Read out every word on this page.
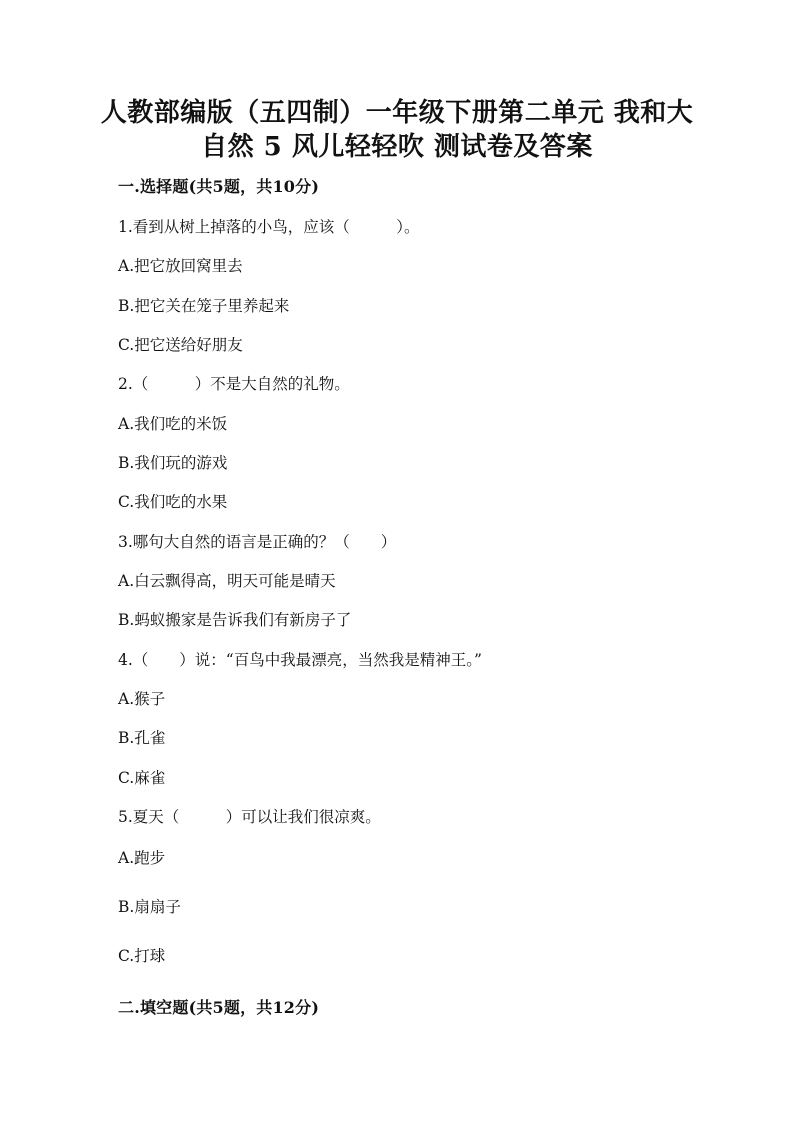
人教部编版（五四制）一年级下册第二单元 我和大
自然 5 风儿轻轻吹 测试卷及答案
一.选择题(共5题，共10分)
1.看到从树上掉落的小鸟，应该（　　　）。
A.把它放回窝里去
B.把它关在笼子里养起来
C.把它送给好朋友
2.（　　　）不是大自然的礼物。
A.我们吃的米饭
B.我们玩的游戏
C.我们吃的水果
3.哪句大自然的语言是正确的？（　　）
A.白云飘得高，明天可能是晴天
B.蚂蚁搬家是告诉我们有新房子了
4.（　　）说：“百鸟中我最漂亮，当然我是精神王。”
A.猴子
B.孔雀
C.麻雀
5.夏天（　　　）可以让我们很凉爽。
A.跑步
B.扇扇子
C.打球
二.填空题(共5题，共12分)
